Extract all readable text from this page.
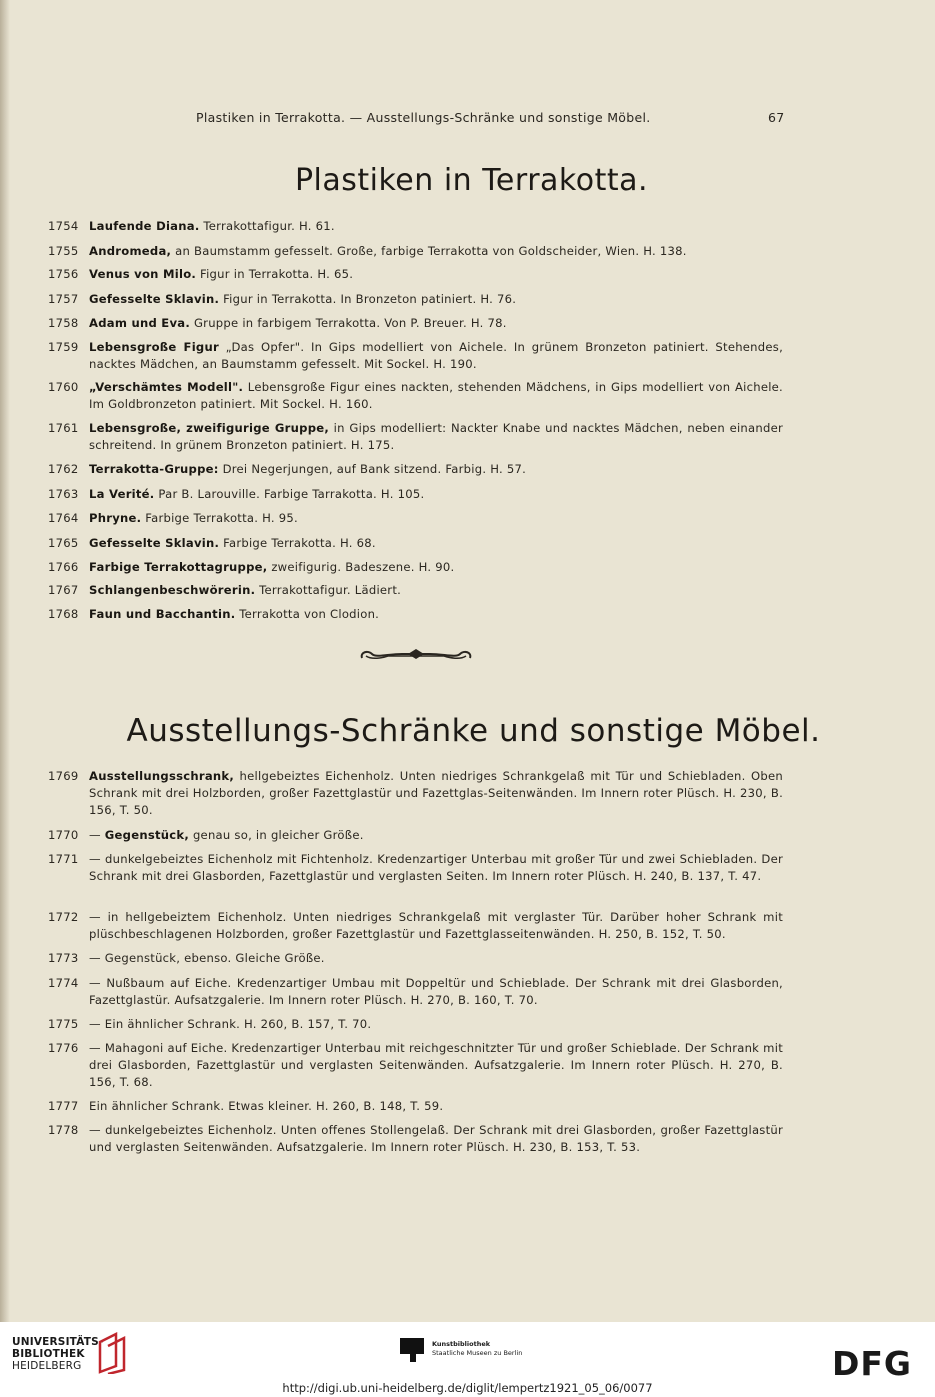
Plastiken in Terrakotta. — Ausstellungs-Schränke und sonstige Möbel.	67
Plastiken in Terrakotta.
1754 Laufende Diana. Terrakottafigur. H. 61.
1755 Andromeda, an Baumstamm gefesselt. Große, farbige Terrakotta von Goldscheider, Wien. H. 138.
1756 Venus von Milo. Figur in Terrakotta. H. 65.
1757 Gefesselte Sklavin. Figur in Terrakotta. In Bronzeton patiniert. H. 76.
1758 Adam und Eva. Gruppe in farbigem Terrakotta. Von P. Breuer. H. 78.
1759 Lebensgroße Figur „Das Opfer". In Gips modelliert von Aichele. In grünem Bronzeton patiniert. Stehendes, nacktes Mädchen, an Baumstamm gefesselt. Mit Sockel. H. 190.
1760 „Verschämtes Modell". Lebensgroße Figur eines nackten, stehenden Mädchens, in Gips modelliert von Aichele. Im Goldbronzeton patiniert. Mit Sockel. H. 160.
1761 Lebensgroße, zweifigurige Gruppe, in Gips modelliert: Nackter Knabe und nacktes Mädchen, neben einander schreitend. In grünem Bronzeton patiniert. H. 175.
1762 Terrakotta-Gruppe: Drei Negerjungen, auf Bank sitzend. Farbig. H. 57.
1763 La Verité. Par B. Larouville. Farbige Tarrakotta. H. 105.
1764 Phryne. Farbige Terrakotta. H. 95.
1765 Gefesselte Sklavin. Farbige Terrakotta. H. 68.
1766 Farbige Terrakottagruppe, zweifigurig. Badeszene. H. 90.
1767 Schlangenbeschwörerin. Terrakottafigur. Lädiert.
1768 Faun und Bacchantin. Terrakotta von Clodion.
Ausstellungs-Schränke und sonstige Möbel.
1769 Ausstellungsschrank, hellgebeiztes Eichenholz. Unten niedriges Schrankgelaß mit Tür und Schiebladen. Oben Schrank mit drei Holzborden, großer Fazettglastür und Fazettglas-Seitenwänden. Im Innern roter Plüsch. H. 230, B. 156, T. 50.
1770 — Gegenstück, genau so, in gleicher Größe.
1771 — dunkelgebeiztes Eichenholz mit Fichtenholz. Kredenzartiger Unterbau mit großer Tür und zwei Schiebladen. Der Schrank mit drei Glasborden, Fazettglastür und verglasten Seiten. Im Innern roter Plüsch. H. 240, B. 137, T. 47.
1772 — in hellgebeiztem Eichenholz. Unten niedriges Schrankgelaß mit verglaster Tür. Darüber hoher Schrank mit plüschbeschlagenen Holzborden, großer Fazettglastür und Fazettglasseitenwänden. H. 250, B. 152, T. 50.
1773 — Gegenstück, ebenso. Gleiche Größe.
1774 — Nußbaum auf Eiche. Kredenzartiger Umbau mit Doppeltür und Schieblade. Der Schrank mit drei Glasborden, Fazettglastür. Aufsatzgalerie. Im Innern roter Plüsch. H. 270, B. 160, T. 70.
1775 — Ein ähnlicher Schrank. H. 260, B. 157, T. 70.
1776 — Mahagoni auf Eiche. Kredenzartiger Unterbau mit reichgeschnitzter Tür und großer Schieblade. Der Schrank mit drei Glasborden, Fazettglastür und verglasten Seitenwänden. Aufsatzgalerie. Im Innern roter Plüsch. H. 270, B. 156, T. 68.
1777 Ein ähnlicher Schrank. Etwas kleiner. H. 260, B. 148, T. 59.
1778 — dunkelgebeiztes Eichenholz. Unten offenes Stollengelaß. Der Schrank mit drei Glasborden, großer Fazettglastür und verglasten Seitenwänden. Aufsatzgalerie. Im Innern roter Plüsch. H. 230, B. 153, T. 53.
UNIVERSITÄTS-
BIBLIOTHEK
HEIDELBERG
Kunstbibliothek
Staatliche Museen zu Berlin	DFG
http://digi.ub.uni-heidelberg.de/diglit/lempertz1921_05_06/0077
